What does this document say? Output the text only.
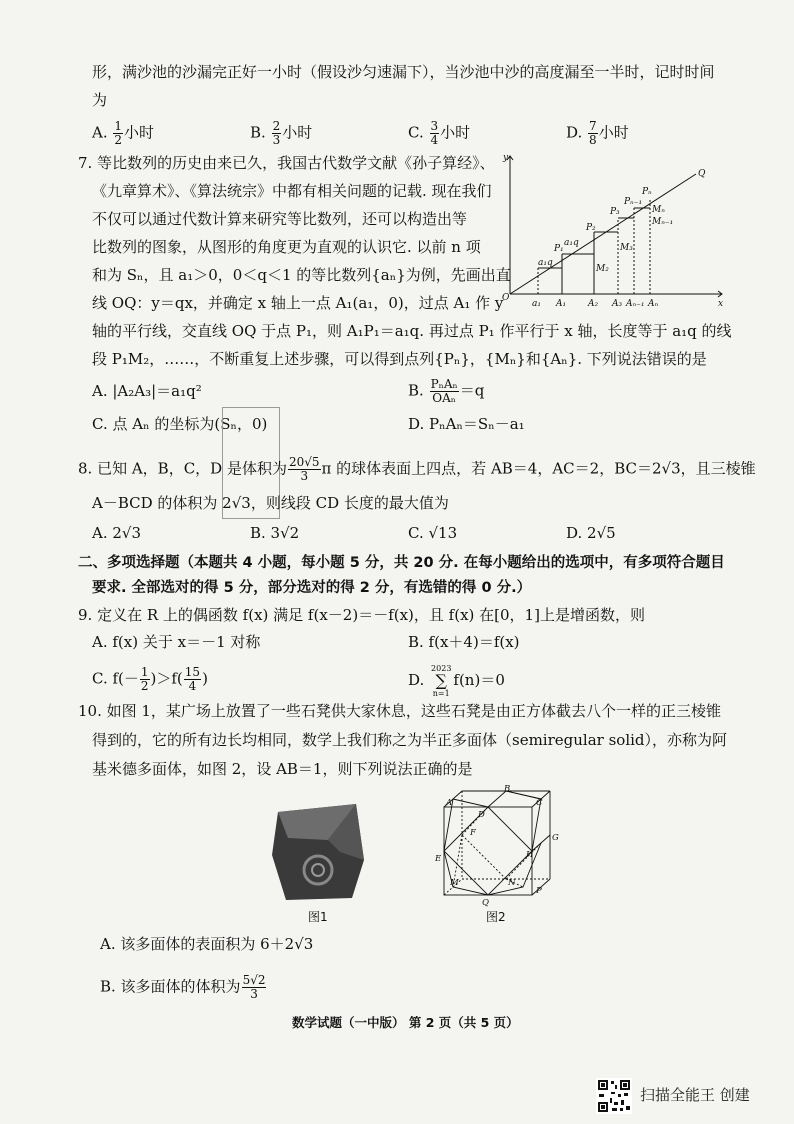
形，满沙池的沙漏完正好一小时（假设沙匀速漏下），当沙池中沙的高度漏至一半时，记时时间
为
A. $\frac{1}{2}$ 小时	B. $\frac{2}{3}$ 小时	C. $\frac{3}{4}$ 小时	D. $\frac{7}{8}$ 小时
7. 等比数列的历史由来已久，我国古代数学文献《孙子算经》、
《九章算术》、《算法统宗》中都有相关问题的记载. 现在我们
不仅可以通过代数计算来研究等比数列，还可以构造出等
比数列的图象，从图形的角度更为直观的认识它. 以前 n 项
和为 Sₙ，且 a₁＞0，0＜q＜1 的等比数列{aₙ}为例，先画出直
线 OQ：y＝qx，并确定 x 轴上一点 A₁(a₁，0)，过点 A₁ 作 y
轴的平行线，交直线 OQ 于点 P₁，则 A₁P₁＝a₁q. 再过点 P₁ 作平行于 x 轴，长度等于 a₁q 的线
段 P₁M₂，……，不断重复上述步骤，可以得到点列{Pₙ}，{Mₙ}和{Aₙ}. 下列说法错误的是
y
x
O
Q
P₁
P₂
P₃
Pₙ₋₁
Pₙ
M₂
M₃
Mₙ₋₁
Mₙ
a₁q
a₁q
a₁ A₁ A₂ A₃ Aₙ₋₁ Aₙ
A. |A₂A₃|＝a₁q²	B. $\frac{\text{PₙAₙ}}{\text{OAₙ}} =q$
C. 点 Aₙ 的坐标为(Sₙ，0)	D. PₙAₙ＝Sₙ－a₁
8. 已知 A，B，C，D 是体积为 $\frac{20√5}{3}$ π 的球体表面上四点，若 AB＝4，AC＝2，BC＝2√3，且三棱锥
A－BCD 的体积为 2√3，则线段 CD 长度的最大值为
A. 2√3	B. 3√2	C. √13	D. 2√5
二、多项选择题（本题共 4 小题，每小题 5 分，共 20 分. 在每小题给出的选项中，有多项符合题目
要求. 全部选对的得 5 分，部分选对的得 2 分，有选错的得 0 分.）
9. 定义在 R 上的偶函数 f(x) 满足 f(x－2)＝－f(x)，且 f(x) 在[0，1]上是增函数，则
A. f(x) 关于 x＝－1 对称	B. f(x＋4)＝f(x)
C. $f(- \frac{1}{2} )>f( \frac{15}{4}$ )	D.
2023
∑
n=1
f(n)＝0
10. 如图 1，某广场上放置了一些石凳供大家休息，这些石凳是由正方体截去八个一样的正三棱锥
得到的，它的所有边长均相同，数学上我们称之为半正多面体（semiregular solid），亦称为阿
基米德多面体，如图 2，设 AB＝1，则下列说法正确的是
图1
A
B
C
D
E
F	G
H
M	N
P
Q
图2
A. 该多面体的表面积为 6＋2√3
B. 该多面体的体积为 $\frac{5√2}{3}$
数学试题（一中版） 第 2 页（共 5 页）
扫描全能王 创建
